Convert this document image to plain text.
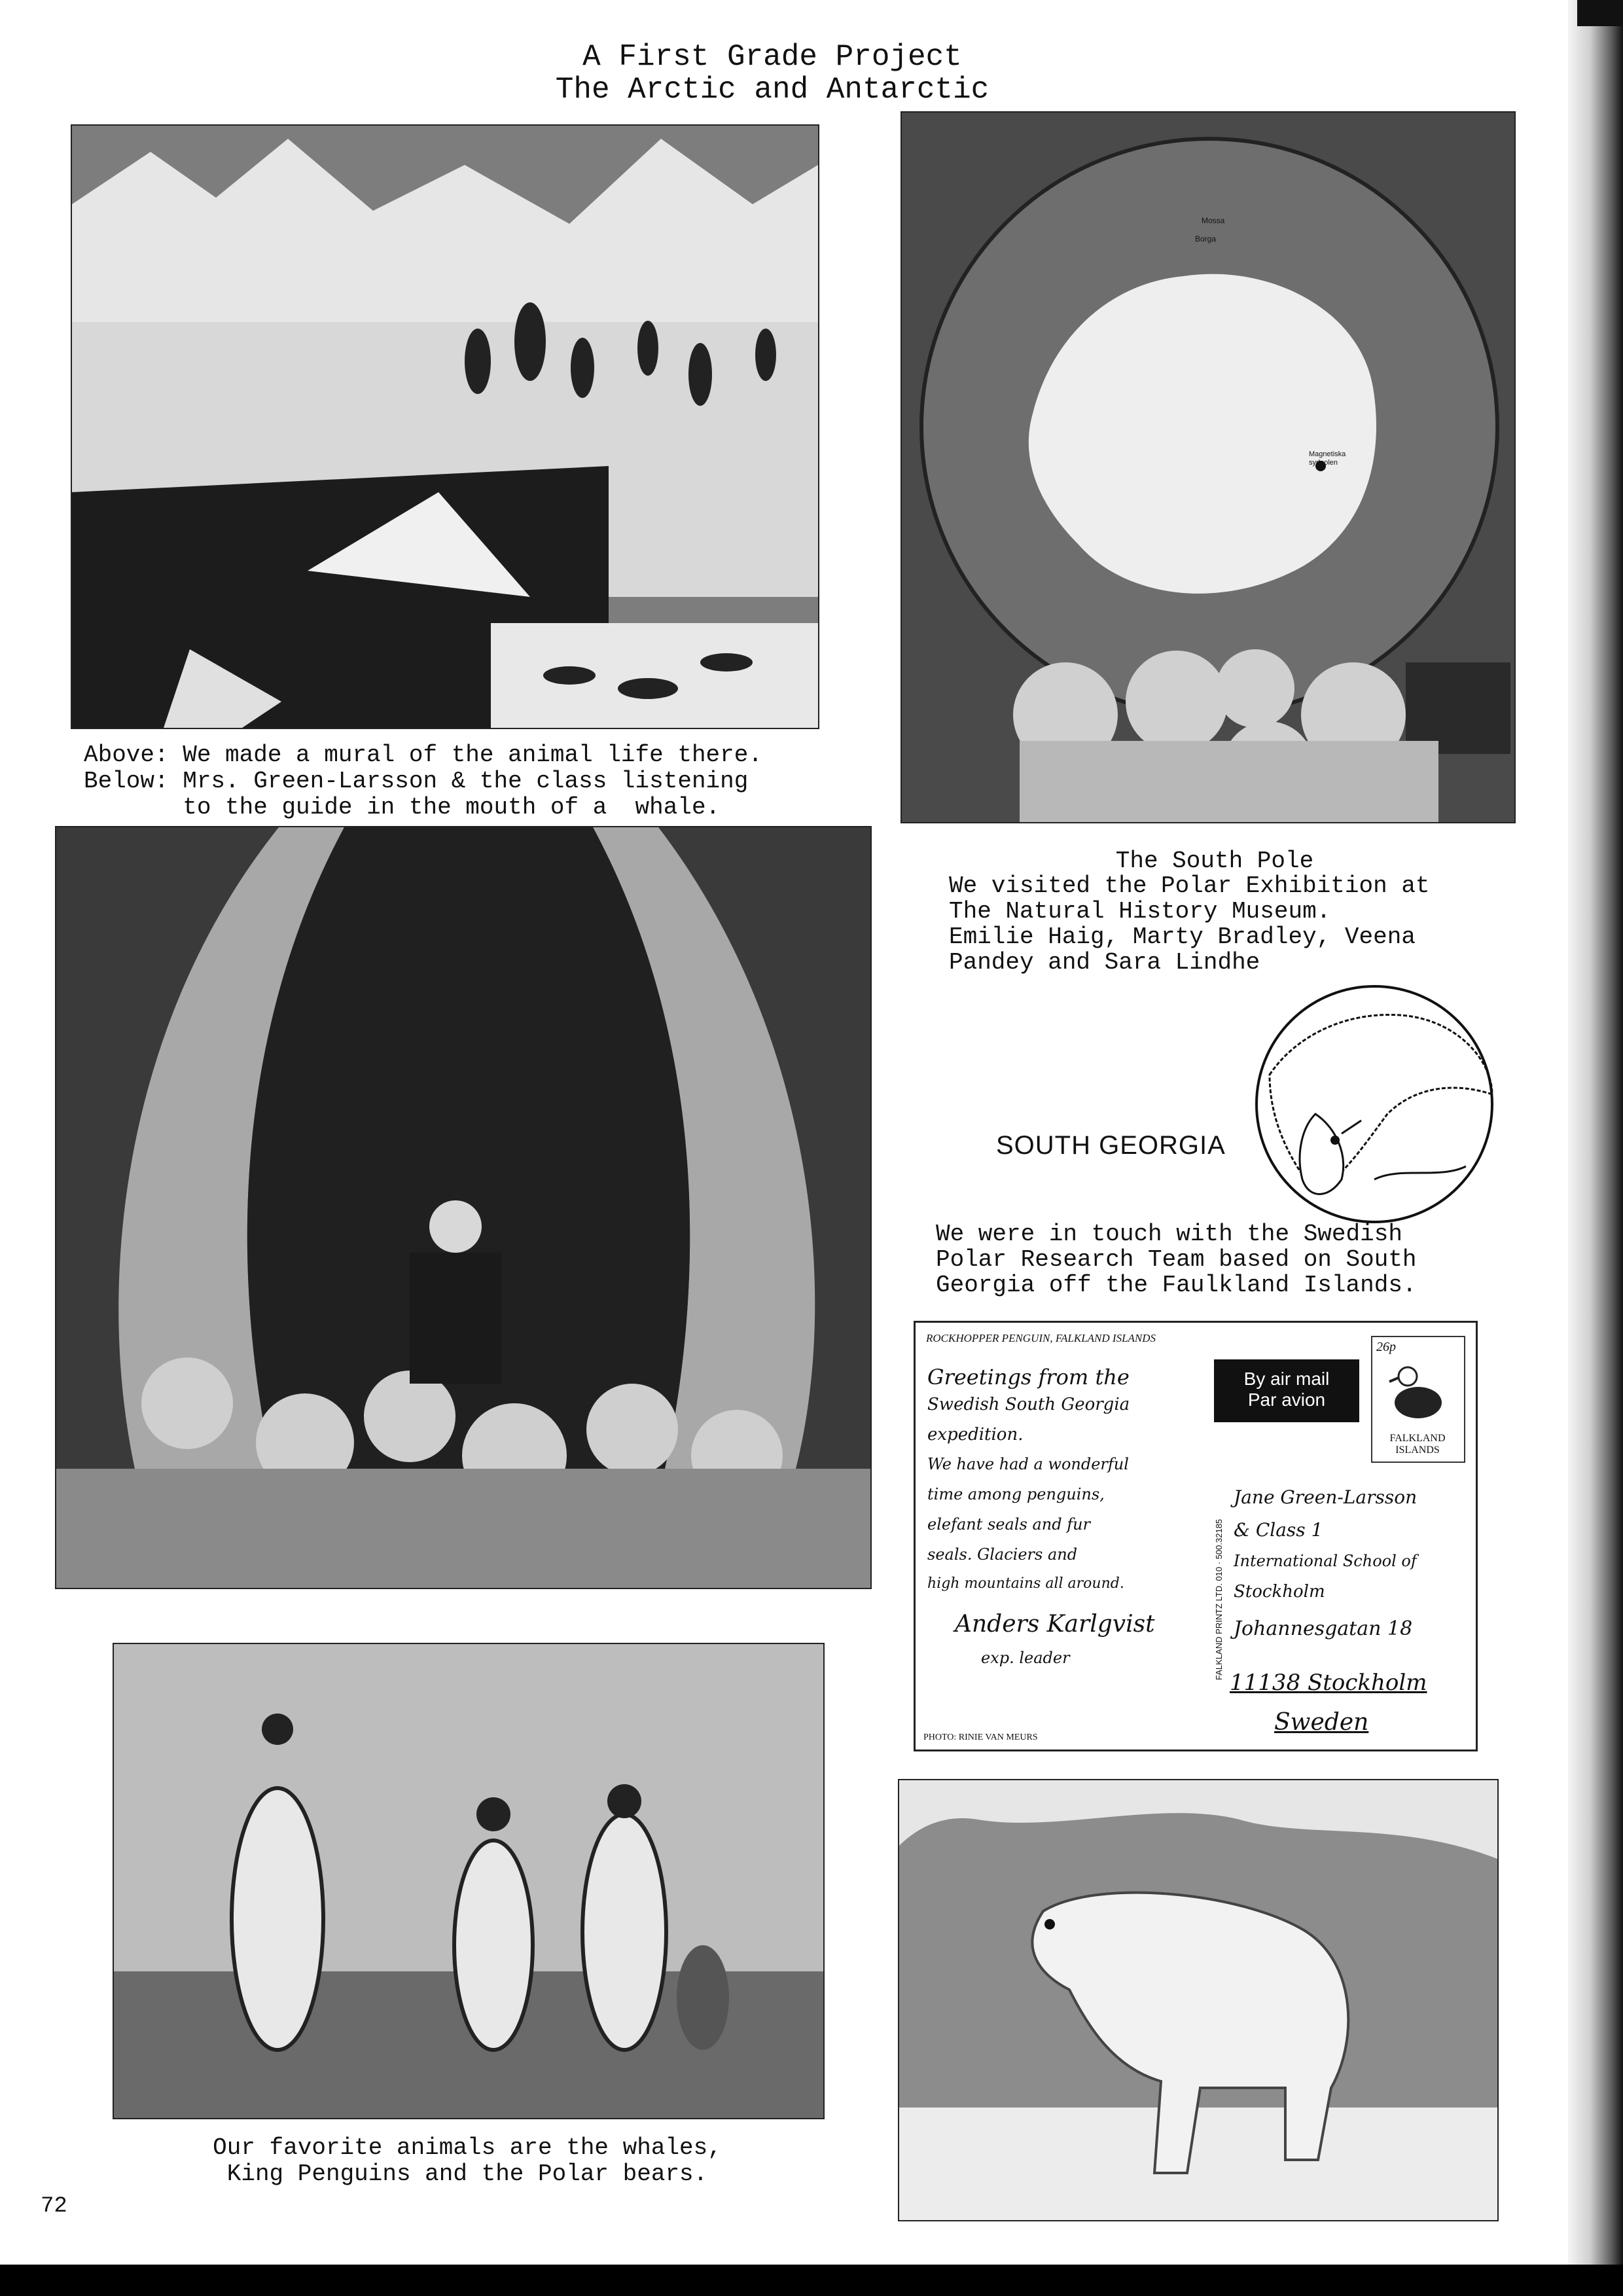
A First Grade Project
The Arctic and Antarctic
Above: We made a mural of the animal life there.
Below: Mrs. Green-Larsson & the class listening
to the guide in the mouth of a  whale.
Mossa
Borga
Magnetiska sydpolen
The South Pole
We visited the Polar Exhibition at
The Natural History Museum.
Emilie Haig, Marty Bradley, Veena
Pandey and Sara Lindhe
SOUTH GEORGIA
We were in touch with the Swedish
Polar Research Team based on South
Georgia off the Faulkland Islands.
ROCKHOPPER PENGUIN, FALKLAND ISLANDS
By air mail
Par avion
26p
FALKLAND ISLANDS
FALKLAND PRINTZ LTD. 010 · 500.32185
Greetings from the
Swedish South Georgia
expedition.
We have had a wonderful
time among penguins,
elefant seals and fur
seals. Glaciers and
high mountains all around.
Anders Karlgvist
exp. leader
Jane Green-Larsson
& Class 1
International School of
Stockholm
Johannesgatan 18
11138 Stockholm
Sweden
PHOTO: RINIE VAN MEURS
Our favorite animals are the whales,
King Penguins and the Polar bears.
72
